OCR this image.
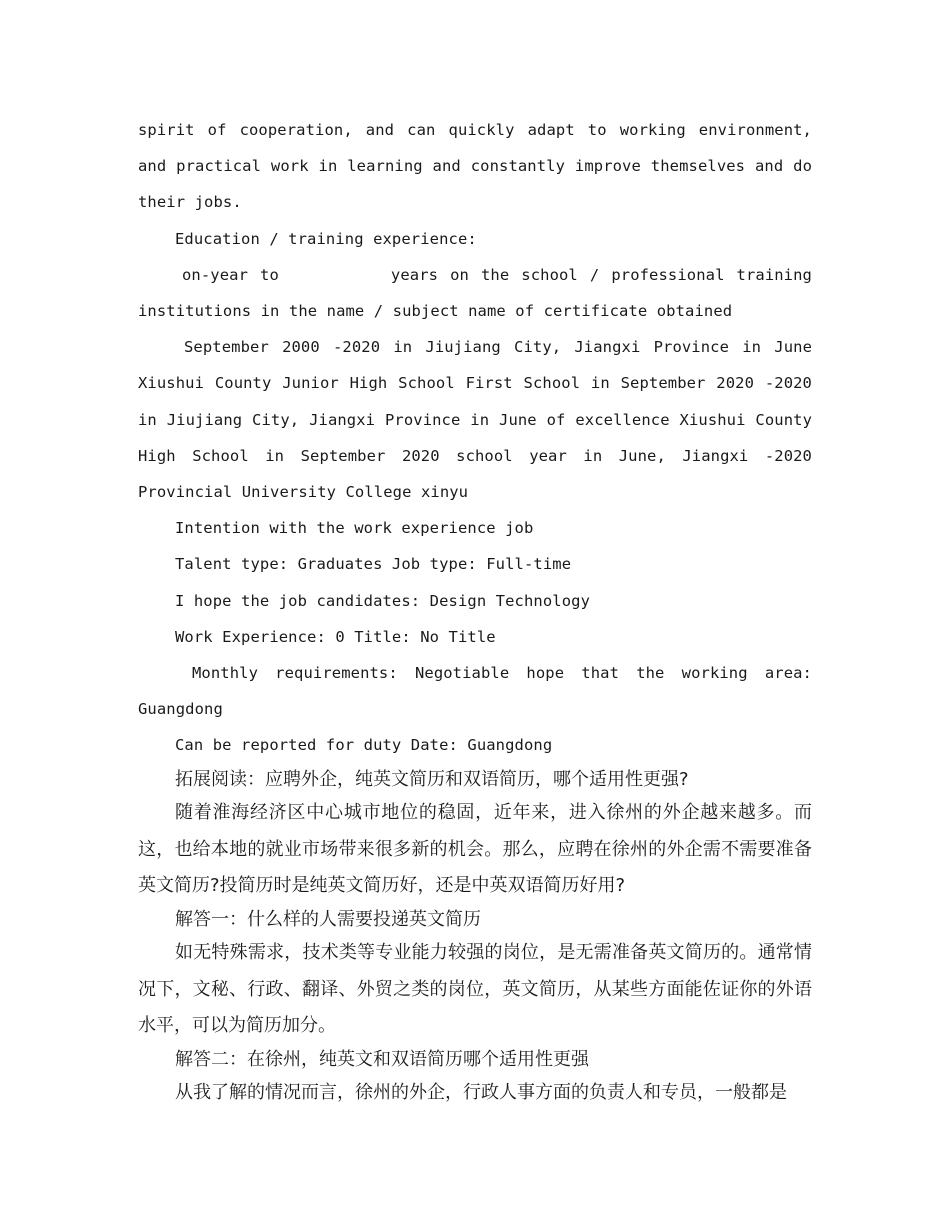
spirit of cooperation, and can quickly adapt to working environment, and practical work in learning and constantly improve themselves and do their jobs.

Education / training experience:

on-year to	years on the school / professional training institutions in the name / subject name of certificate obtained

September 2000 -2020 in Jiujiang City, Jiangxi Province in June Xiushui County Junior High School First School in September 2020 -2020 in Jiujiang City, Jiangxi Province in June of excellence Xiushui County High School in September 2020 school year in June, Jiangxi -2020 Provincial University College xinyu

Intention with the work experience job

Talent type: Graduates Job type: Full-time

I hope the job candidates: Design Technology

Work Experience: 0 Title: No Title

Monthly requirements: Negotiable hope that the working area: Guangdong

Can be reported for duty Date: Guangdong

拓展阅读：应聘外企，纯英文简历和双语简历，哪个适用性更强?

随着淮海经济区中心城市地位的稳固，近年来，进入徐州的外企越来越多。而这，也给本地的就业市场带来很多新的机会。那么，应聘在徐州的外企需不需要准备英文简历?投简历时是纯英文简历好，还是中英双语简历好用?

解答一：什么样的人需要投递英文简历

如无特殊需求，技术类等专业能力较强的岗位，是无需准备英文简历的。通常情况下，文秘、行政、翻译、外贸之类的岗位，英文简历，从某些方面能佐证你的外语水平，可以为简历加分。

解答二：在徐州，纯英文和双语简历哪个适用性更强

从我了解的情况而言，徐州的外企，行政人事方面的负责人和专员，一般都是
